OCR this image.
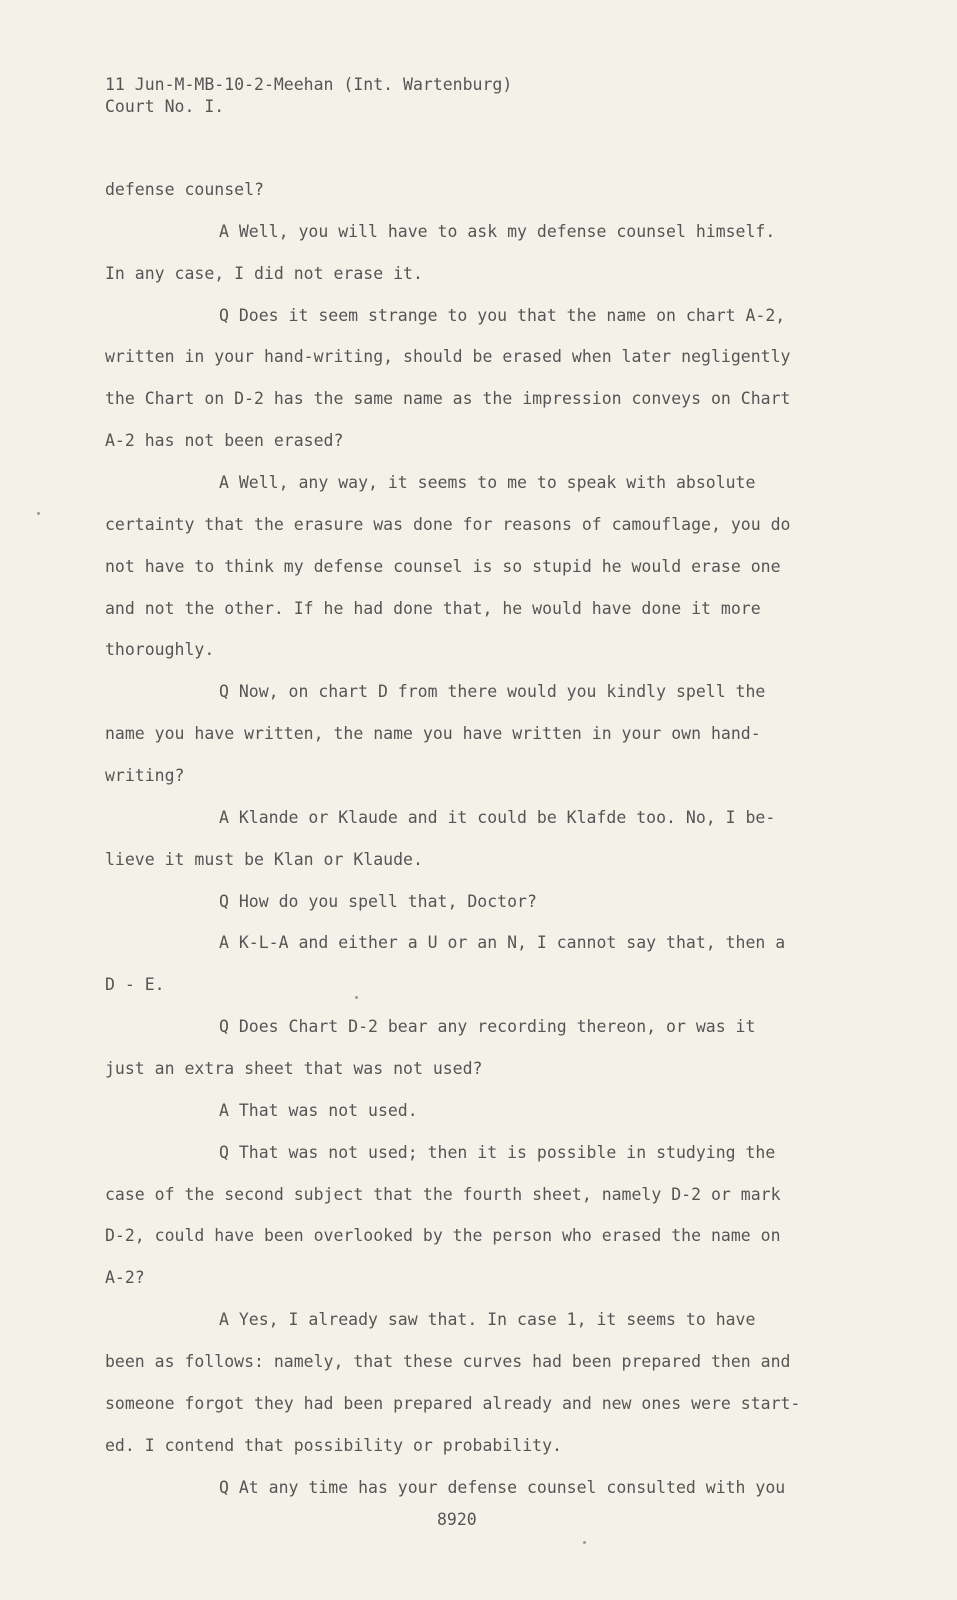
11 Jun-M-MB-10-2-Meehan (Int. Wartenburg)
Court No. I.
defense counsel?
A Well, you will have to ask my defense counsel himself.
In any case, I did not erase it.
Q Does it seem strange to you that the name on chart A-2,
written in your hand-writing, should be erased when later negligently
the Chart on D-2 has the same name as the impression conveys on Chart
A-2 has not been erased?
A Well, any way, it seems to me to speak with absolute
certainty that the erasure was done for reasons of camouflage, you do
not have to think my defense counsel is so stupid he would erase one
and not the other. If he had done that, he would have done it more
thoroughly.
Q Now, on chart D from there would you kindly spell the
name you have written, the name you have written in your own hand-
writing?
A Klande or Klaude and it could be Klafde too. No, I be-
lieve it must be Klan or Klaude.
Q How do you spell that, Doctor?
A K-L-A and either a U or an N, I cannot say that, then a
D - E.
Q Does Chart D-2 bear any recording thereon, or was it
just an extra sheet that was not used?
A That was not used.
Q That was not used; then it is possible in studying the
case of the second subject that the fourth sheet, namely D-2 or mark
D-2, could have been overlooked by the person who erased the name on
A-2?
A Yes, I already saw that. In case 1, it seems to have
been as follows: namely, that these curves had been prepared then and
someone forgot they had been prepared already and new ones were start-
ed. I contend that possibility or probability.
Q At any time has your defense counsel consulted with you
8920
